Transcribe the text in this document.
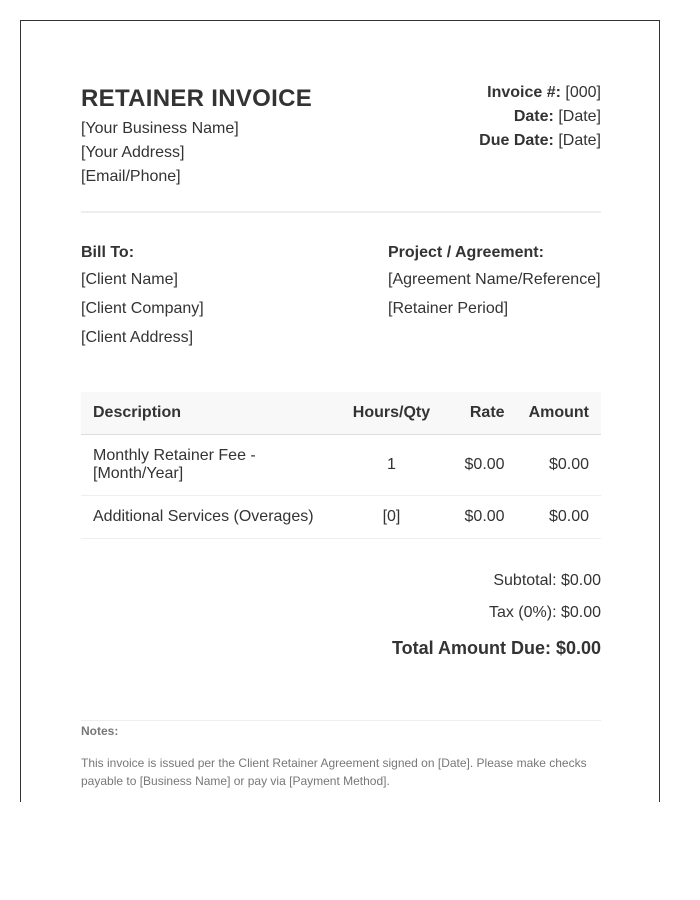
RETAINER INVOICE
[Your Business Name]
[Your Address]
[Email/Phone]
Invoice #: [000]
Date: [Date]
Due Date: [Date]
Bill To:
[Client Name]
[Client Company]
[Client Address]
Project / Agreement:
[Agreement Name/Reference]
[Retainer Period]
Description	Hours/Qty	Rate	Amount

Monthly Retainer Fee - [Month/Year]	1	$0.00	$0.00

Additional Services (Overages)	[0]	$0.00	$0.00
Subtotal: $0.00
Tax (0%): $0.00
Total Amount Due: $0.00
Notes:
This invoice is issued per the Client Retainer Agreement signed on [Date]. Please make checks payable to [Business Name] or pay via [Payment Method].
